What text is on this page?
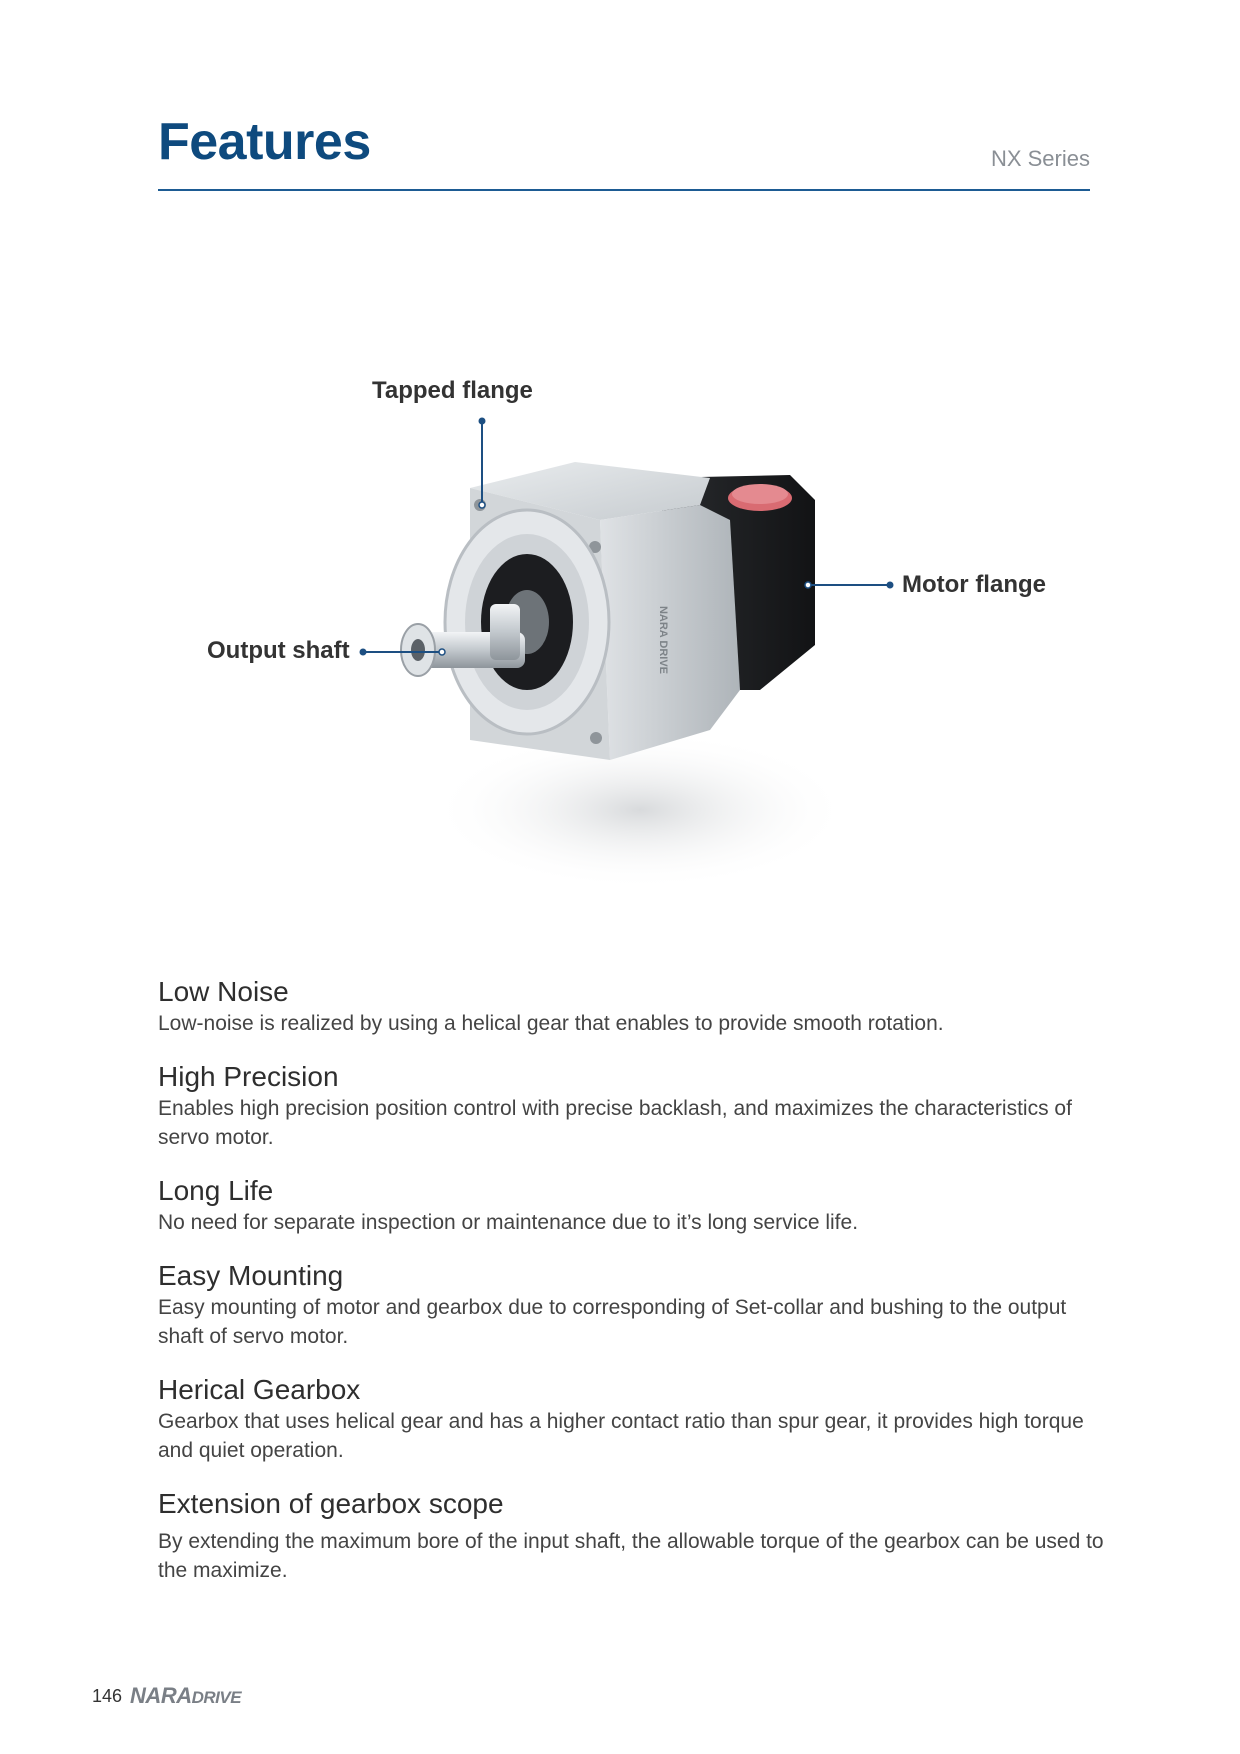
Features	NX Series
NARA DRIVE
Tapped flange
Motor flange
Output shaft
Low Noise

Low-noise is realized by using a helical gear that enables to provide smooth rotation.

High Precision

Enables high precision position control with precise backlash, and maximizes the characteristics of servo motor.

Long Life

No need for separate inspection or maintenance due to it’s long service life.

Easy Mounting

Easy mounting of motor and gearbox due to corresponding of Set-collar and bushing to the output shaft of servo motor.

Herical Gearbox

Gearbox that uses helical gear and has a higher contact ratio than spur gear, it provides high torque and quiet operation.

Extension of gearbox scope

By extending the maximum bore of the input shaft, the allowable torque of the gearbox can be used to the maximize.

146 NARADRIVE
